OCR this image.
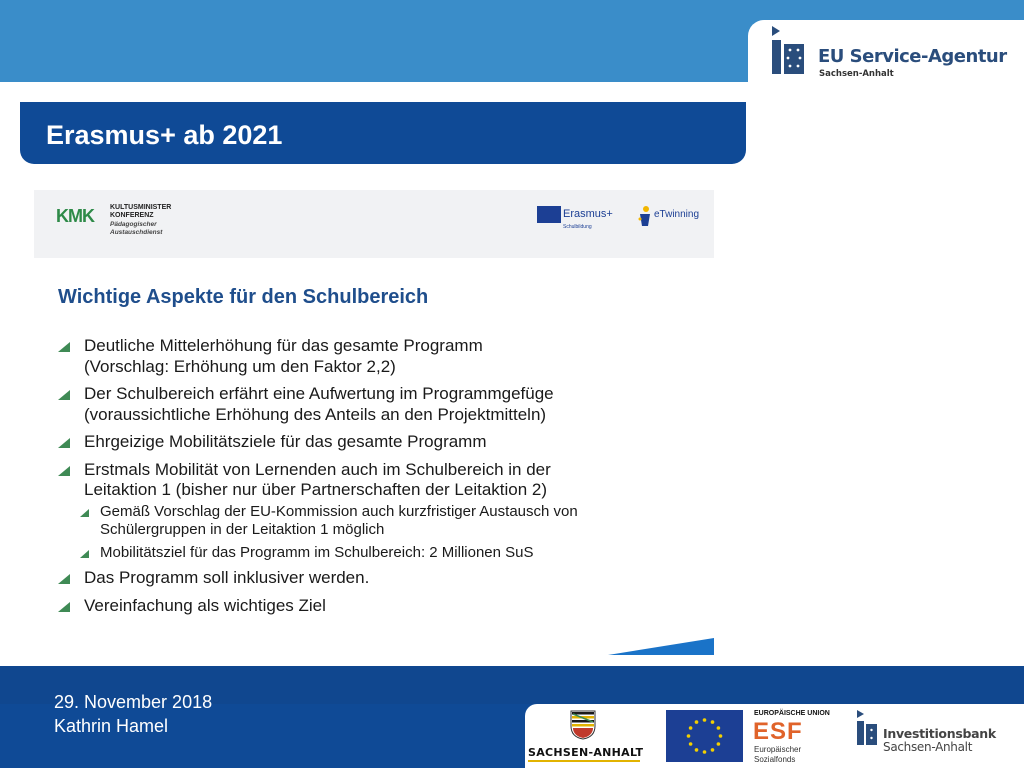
EU Service-Agentur
Sachsen-Anhalt
Erasmus+ ab 2021
KMK KULTUSMINISTER
KONFERENZ
Pädagogischer
Austauschdienst
Erasmus+
Schulbildung
eTwinning
Wichtige Aspekte für den Schulbereich
Deutliche Mittelerhöhung für das gesamte Programm
(Vorschlag: Erhöhung um den Faktor 2,2)
Der Schulbereich erfährt eine Aufwertung im Programmgefüge
(voraussichtliche Erhöhung des Anteils an den Projektmitteln)
Ehrgeizige Mobilitätsziele für das gesamte Programm
Erstmals Mobilität von Lernenden auch im Schulbereich in der
Leitaktion 1 (bisher nur über Partnerschaften der Leitaktion 2)
Gemäß Vorschlag der EU-Kommission auch kurzfristiger Austausch von
Schülergruppen in der Leitaktion 1 möglich
Mobilitätsziel für das Programm im Schulbereich: 2 Millionen SuS
Das Programm soll inklusiver werden.
Vereinfachung als wichtiges Ziel
29. November 2018
Kathrin Hamel
SACHSEN-ANHALT
EUROPÄISCHE UNION
ESF
Europäischer
Sozialfonds
Investitionsbank
Sachsen-Anhalt
